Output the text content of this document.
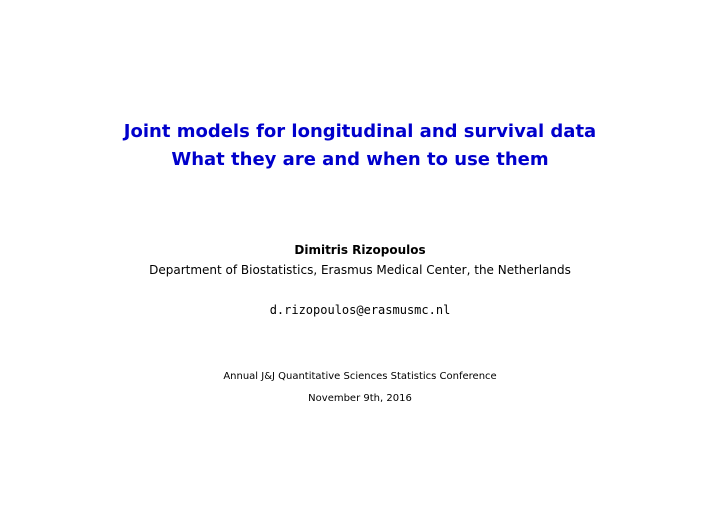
Joint models for longitudinal and survival data
What they are and when to use them
Dimitris Rizopoulos
Department of Biostatistics, Erasmus Medical Center, the Netherlands
d.rizopoulos@erasmusmc.nl
Annual J&J Quantitative Sciences Statistics Conference
November 9th, 2016
